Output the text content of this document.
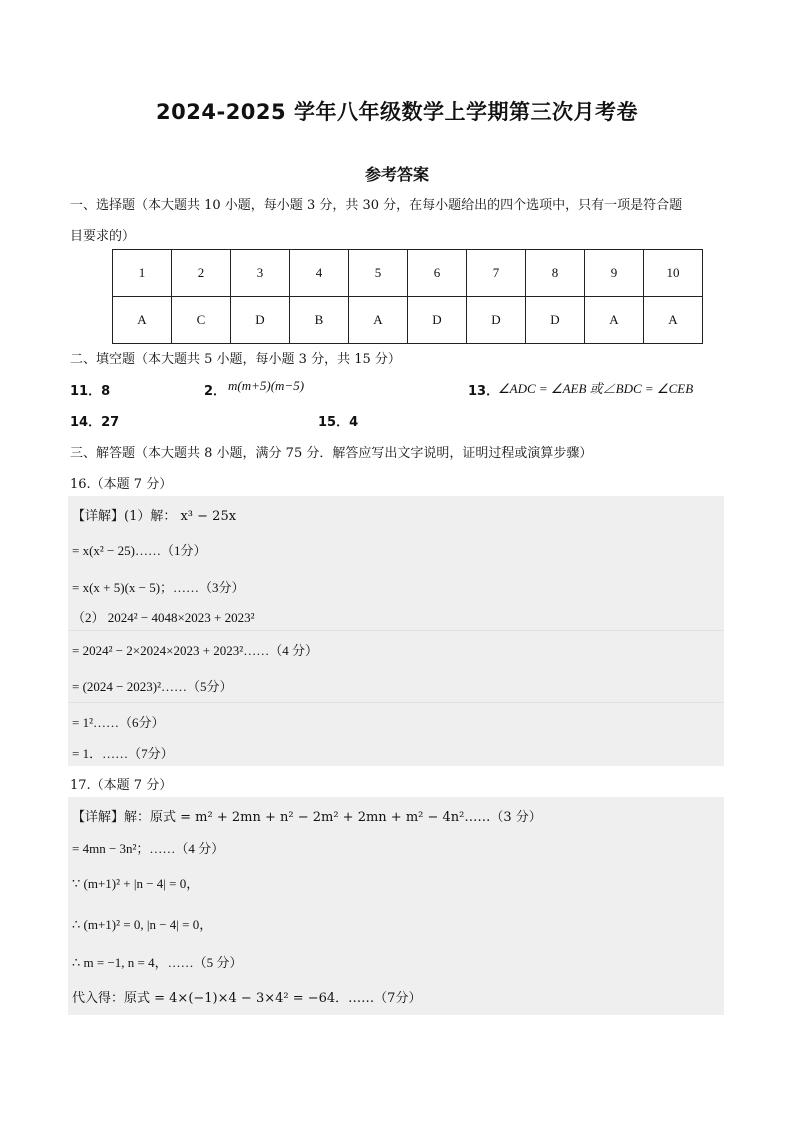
2024-2025 学年八年级数学上学期第三次月考卷
参考答案
一、选择题（本大题共 10 小题，每小题 3 分，共 30 分，在每小题给出的四个选项中，只有一项是符合题
目要求的）
1	2	3	4	5	6	7	8	9	10
A	C	D	B	A	D	D	D	A	A
二、填空题（本大题共 5 小题，每小题 3 分，共 15 分）
11．8	2． m(m+5)(m−5)	13．
∠ADC = ∠AEB 或∠BDC = ∠CEB
14．27	15．4
三、解答题（本大题共 8 小题，满分 75 分．解答应写出文字说明，证明过程或演算步骤）
16.（本题 7 分）
【详解】(1）解： x³ − 25x
= x(x² − 25)……（1分）
= x(x + 5)(x − 5)；……（3分）
（2） 2024² − 4048×2023 + 2023²
= 2024² − 2×2024×2023 + 2023²……（4 分）
= (2024 − 2023)²……（5分）
= 1²……（6分）
= 1．……（7分）
17.（本题 7 分）
【详解】解：原式 = m² + 2mn + n² − 2m² + 2mn + m² − 4n²……（3 分）
= 4mn − 3n²；……（4 分）
∵ (m+1)² + |n − 4| = 0，
∴ (m+1)² = 0, |n − 4| = 0，
∴ m = −1, n = 4，……（5 分）
代入得：原式 = 4×(−1)×4 − 3×4² = −64．……（7分）
